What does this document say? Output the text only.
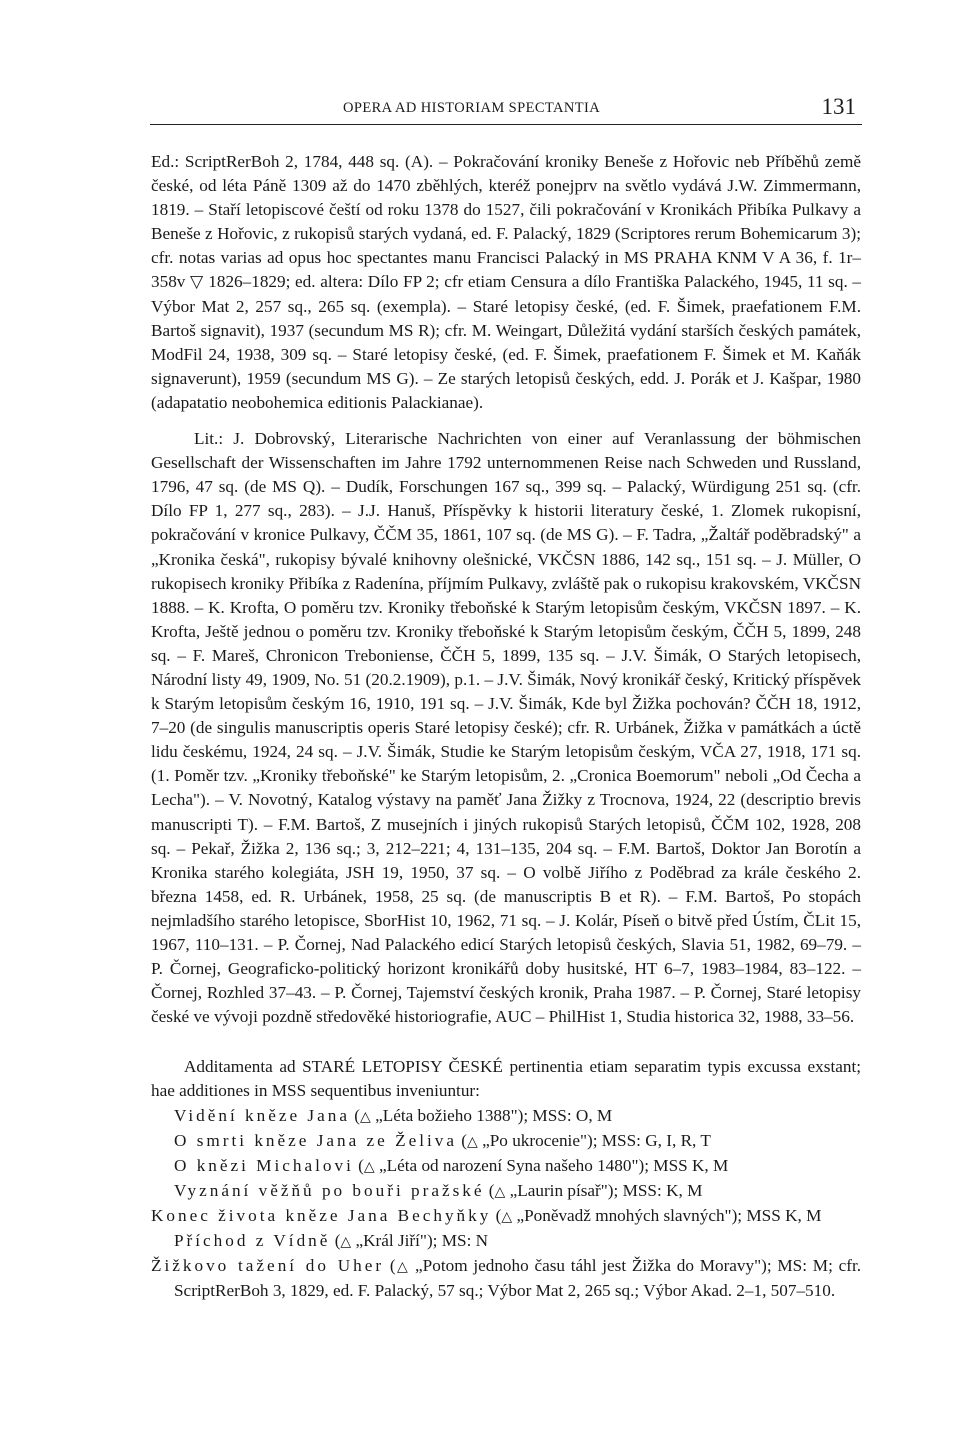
OPERA AD HISTORIAM SPECTANTIA	131

Ed.: ScriptRerBoh 2, 1784, 448 sq. (A). – Pokračování kroniky Beneše z Hořovic neb Příběhů země české, od léta Páně 1309 až do 1470 zběhlých, kteréž ponejprv na světlo vydává J.W. Zimmermann, 1819. – Staří letopiscové čeští od roku 1378 do 1527, čili pokračování v Kronikách Přibíka Pulkavy a Beneše z Hořovic, z rukopisů starých vydaná, ed. F. Palacký, 1829 (Scriptores rerum Bohemicarum 3); cfr. notas varias ad opus hoc spectantes manu Francisci Palacký in MS PRAHA KNM V A 36, f. 1r–358v ▽ 1826–1829; ed. altera: Dílo FP 2; cfr etiam Censura a dílo Františka Palackého, 1945, 11 sq. – Výbor Mat 2, 257 sq., 265 sq. (exempla). – Staré letopisy české, (ed. F. Šimek, praefationem F.M. Bartoš signavit), 1937 (secundum MS R); cfr. M. Weingart, Důležitá vydání starších českých památek, ModFil 24, 1938, 309 sq. – Staré letopisy české, (ed. F. Šimek, praefationem F. Šimek et M. Kaňák signaverunt), 1959 (secundum MS G). – Ze starých letopisů českých, edd. J. Porák et J. Kašpar, 1980 (adapatatio neobohemica editionis Palackianae).

Lit.: J. Dobrovský, Literarische Nachrichten von einer auf Veranlassung der böhmischen Gesellschaft der Wissenschaften im Jahre 1792 unternommenen Reise nach Schweden und Russland, 1796, 47 sq. (de MS Q). – Dudík, Forschungen 167 sq., 399 sq. – Palacký, Würdigung 251 sq. (cfr. Dílo FP 1, 277 sq., 283). – J.J. Hanuš, Příspěvky k historii literatury české, 1. Zlomek rukopisní, pokračování v kronice Pulkavy, ČČM 35, 1861, 107 sq. (de MS G). – F. Tadra, „Žaltář poděbradský" a „Kronika česká", rukopisy bývalé knihovny olešnické, VKČSN 1886, 142 sq., 151 sq. – J. Müller, O rukopisech kroniky Přibíka z Radenína, příjmím Pulkavy, zvláště pak o rukopisu krakovském, VKČSN 1888. – K. Krofta, O poměru tzv. Kroniky třeboňské k Starým letopisům českým, VKČSN 1897. – K. Krofta, Ještě jednou o poměru tzv. Kroniky třeboňské k Starým letopisům českým, ČČH 5, 1899, 248 sq. – F. Mareš, Chronicon Treboniense, ČČH 5, 1899, 135 sq. – J.V. Šimák, O Starých letopisech, Národní listy 49, 1909, No. 51 (20.2.1909), p.1. – J.V. Šimák, Nový kronikář český, Kritický příspěvek k Starým letopisům českým 16, 1910, 191 sq. – J.V. Šimák, Kde byl Žižka pochován? ČČH 18, 1912, 7–20 (de singulis manuscriptis operis Staré letopisy české); cfr. R. Urbánek, Žižka v památkách a úctě lidu českému, 1924, 24 sq. – J.V. Šimák, Studie ke Starým letopisům českým, VČA 27, 1918, 171 sq. (1. Poměr tzv. „Kroniky třeboňské" ke Starým letopisům, 2. „Cronica Boemorum" neboli „Od Čecha a Lecha"). – V. Novotný, Katalog výstavy na paměť Jana Žižky z Trocnova, 1924, 22 (descriptio brevis manuscripti T). – F.M. Bartoš, Z musejních i jiných rukopisů Starých letopisů, ČČM 102, 1928, 208 sq. – Pekař, Žižka 2, 136 sq.; 3, 212–221; 4, 131–135, 204 sq. – F.M. Bartoš, Doktor Jan Borotín a Kronika starého kolegiáta, JSH 19, 1950, 37 sq. – O volbě Jiřího z Poděbrad za krále českého 2. března 1458, ed. R. Urbánek, 1958, 25 sq. (de manuscriptis B et R). – F.M. Bartoš, Po stopách nejmladšího starého letopisce, SborHist 10, 1962, 71 sq. – J. Kolár, Píseň o bitvě před Ústím, ČLit 15, 1967, 110–131. – P. Čornej, Nad Palackého edicí Starých letopisů českých, Slavia 51, 1982, 69–79. – P. Čornej, Geograficko-politický horizont kronikářů doby husitské, HT 6–7, 1983–1984, 83–122. – Čornej, Rozhled 37–43. – P. Čornej, Tajemství českých kronik, Praha 1987. – P. Čornej, Staré letopisy české ve vývoji pozdně středověké historiografie, AUC – PhilHist 1, Studia historica 32, 1988, 33–56.

Additamenta ad STARÉ LETOPISY ČESKÉ pertinentia etiam separatim typis excussa exstant; hae additiones in MSS sequentibus inveniuntur:

Vidění kněze Jana (△ „Léta božieho 1388"); MSS: O, M
O smrti kněze Jana ze Želiva (△ „Po ukrocenie"); MSS: G, I, R, T
O knězi Michalovi (△ „Léta od narození Syna našeho 1480"); MSS K, M
Vyznání věžňů po bouři pražské (△ „Laurin písař"); MSS: K, M
Konec života kněze Jana Bechyňky (△ „Poněvadž mnohých slavných"); MSS K, M
Příchod z Vídně (△ „Král Jiří"); MS: N
Žižkovo tažení do Uher (△ „Potom jednoho času táhl jest Žižka do Moravy"); MS: M; cfr. ScriptRerBoh 3, 1829, ed. F. Palacký, 57 sq.; Výbor Mat 2, 265 sq.; Výbor Akad. 2–1, 507–510.
